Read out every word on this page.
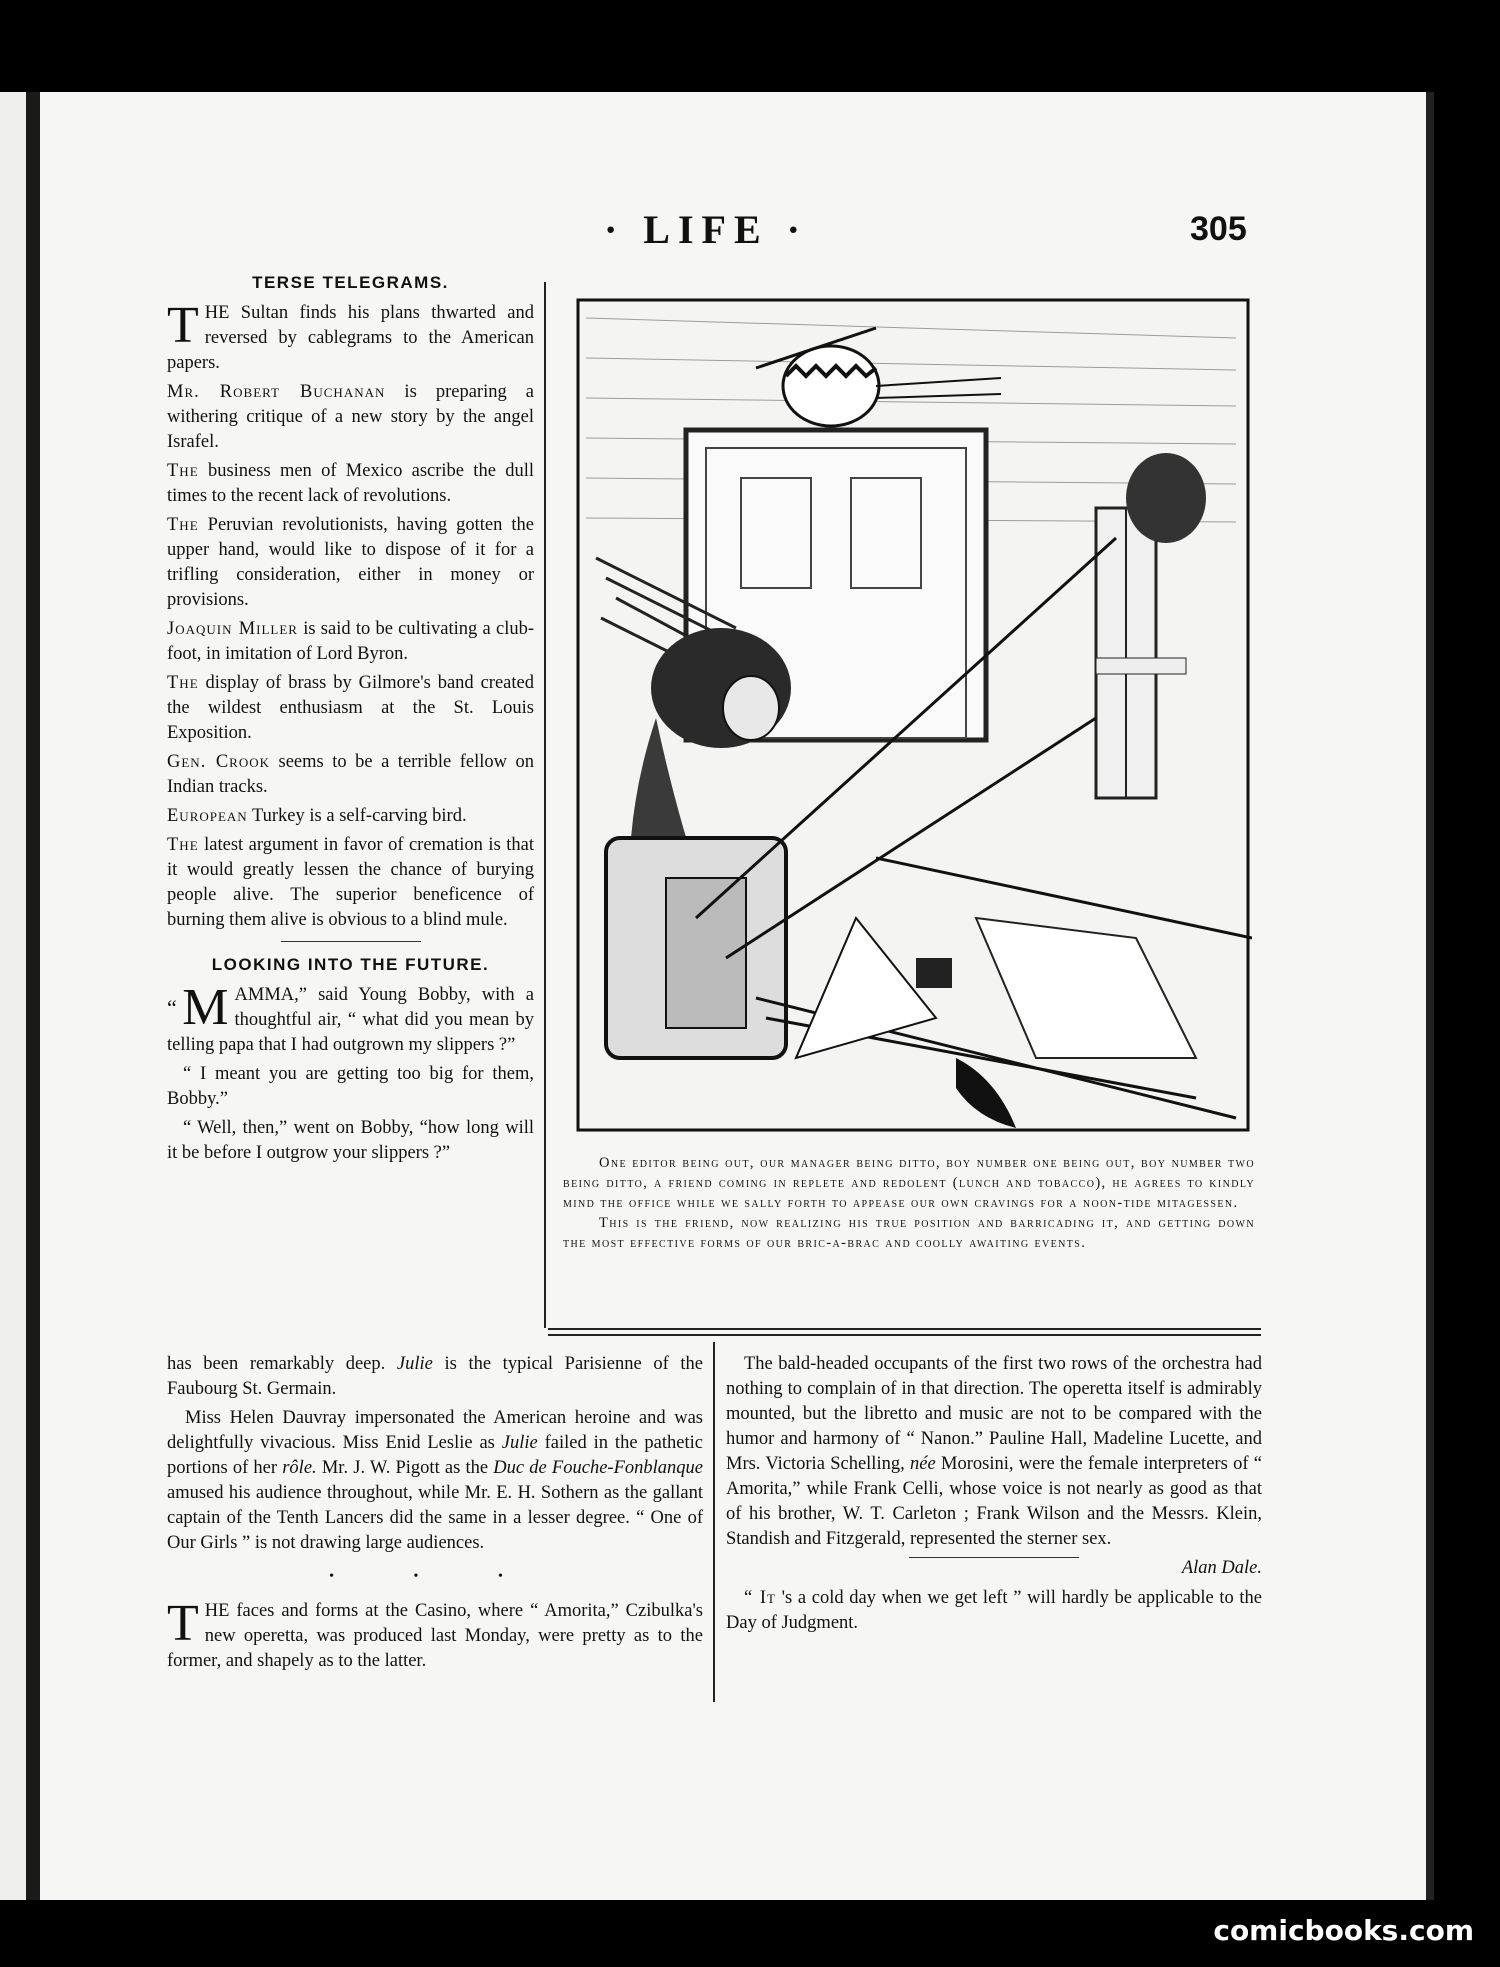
· LIFE ·	305
TERSE TELEGRAMS.

THE Sultan finds his plans thwarted and reversed by cablegrams to the American papers.

Mr. Robert Buchanan is preparing a withering critique of a new story by the angel Israfel.

The business men of Mexico ascribe the dull times to the recent lack of revolutions.

The Peruvian revolutionists, having gotten the upper hand, would like to dispose of it for a trifling consideration, either in money or provisions.

Joaquin Miller is said to be cultivating a club-foot, in imitation of Lord Byron.

The display of brass by Gilmore's band created the wildest enthusiasm at the St. Louis Exposition.

Gen. Crook seems to be a terrible fellow on Indian tracks.

European Turkey is a self-carving bird.

The latest argument in favor of cremation is that it would greatly lessen the chance of burying people alive. The superior beneficence of burning them alive is obvious to a blind mule.

LOOKING INTO THE FUTURE.

“ M AMMA,” said Young Bobby, with a thoughtful air, “ what did you mean by telling papa that I had outgrown my slippers ?”

“ I meant you are getting too big for them, Bobby.”

“ Well, then,” went on Bobby, “how long will it be before I outgrow your slippers ?”	One editor being out, our manager being ditto, boy number one being out, boy number two being ditto, a friend coming in replete and redolent (lunch and tobacco), he agrees to kindly mind the office while we sally forth to appease our own cravings for a noon-tide mitagessen.

This is the friend, now realizing his true position and barricading it, and getting down the most effective forms of our bric-a-brac and coolly awaiting events.

has been remarkably deep. Julie is the typical Parisienne of the Faubourg St. Germain.

Miss Helen Dauvray impersonated the American heroine and was delightfully vivacious. Miss Enid Leslie as Julie failed in the pathetic portions of her rôle. Mr. J. W. Pigott as the Duc de Fouche-Fonblanque amused his audience throughout, while Mr. E. H. Sothern as the gallant captain of the Tenth Lancers did the same in a lesser degree. “ One of Our Girls ” is not drawing large audiences.

• • •

THE faces and forms at the Casino, where “ Amorita,” Czibulka's new operetta, was produced last Monday, were pretty as to the former, and shapely as to the latter.

The bald-headed occupants of the first two rows of the orchestra had nothing to complain of in that direction. The operetta itself is admirably mounted, but the libretto and music are not to be compared with the humor and harmony of “ Nanon.” Pauline Hall, Madeline Lucette, and Mrs. Victoria Schelling, née Morosini, were the female interpreters of “ Amorita,” while Frank Celli, whose voice is not nearly as good as that of his brother, W. T. Carleton ; Frank Wilson and the Messrs. Klein, Standish and Fitzgerald, represented the sterner sex.

Alan Dale.

“ It 's a cold day when we get left ” will hardly be applicable to the Day of Judgment.

comicbooks.com
